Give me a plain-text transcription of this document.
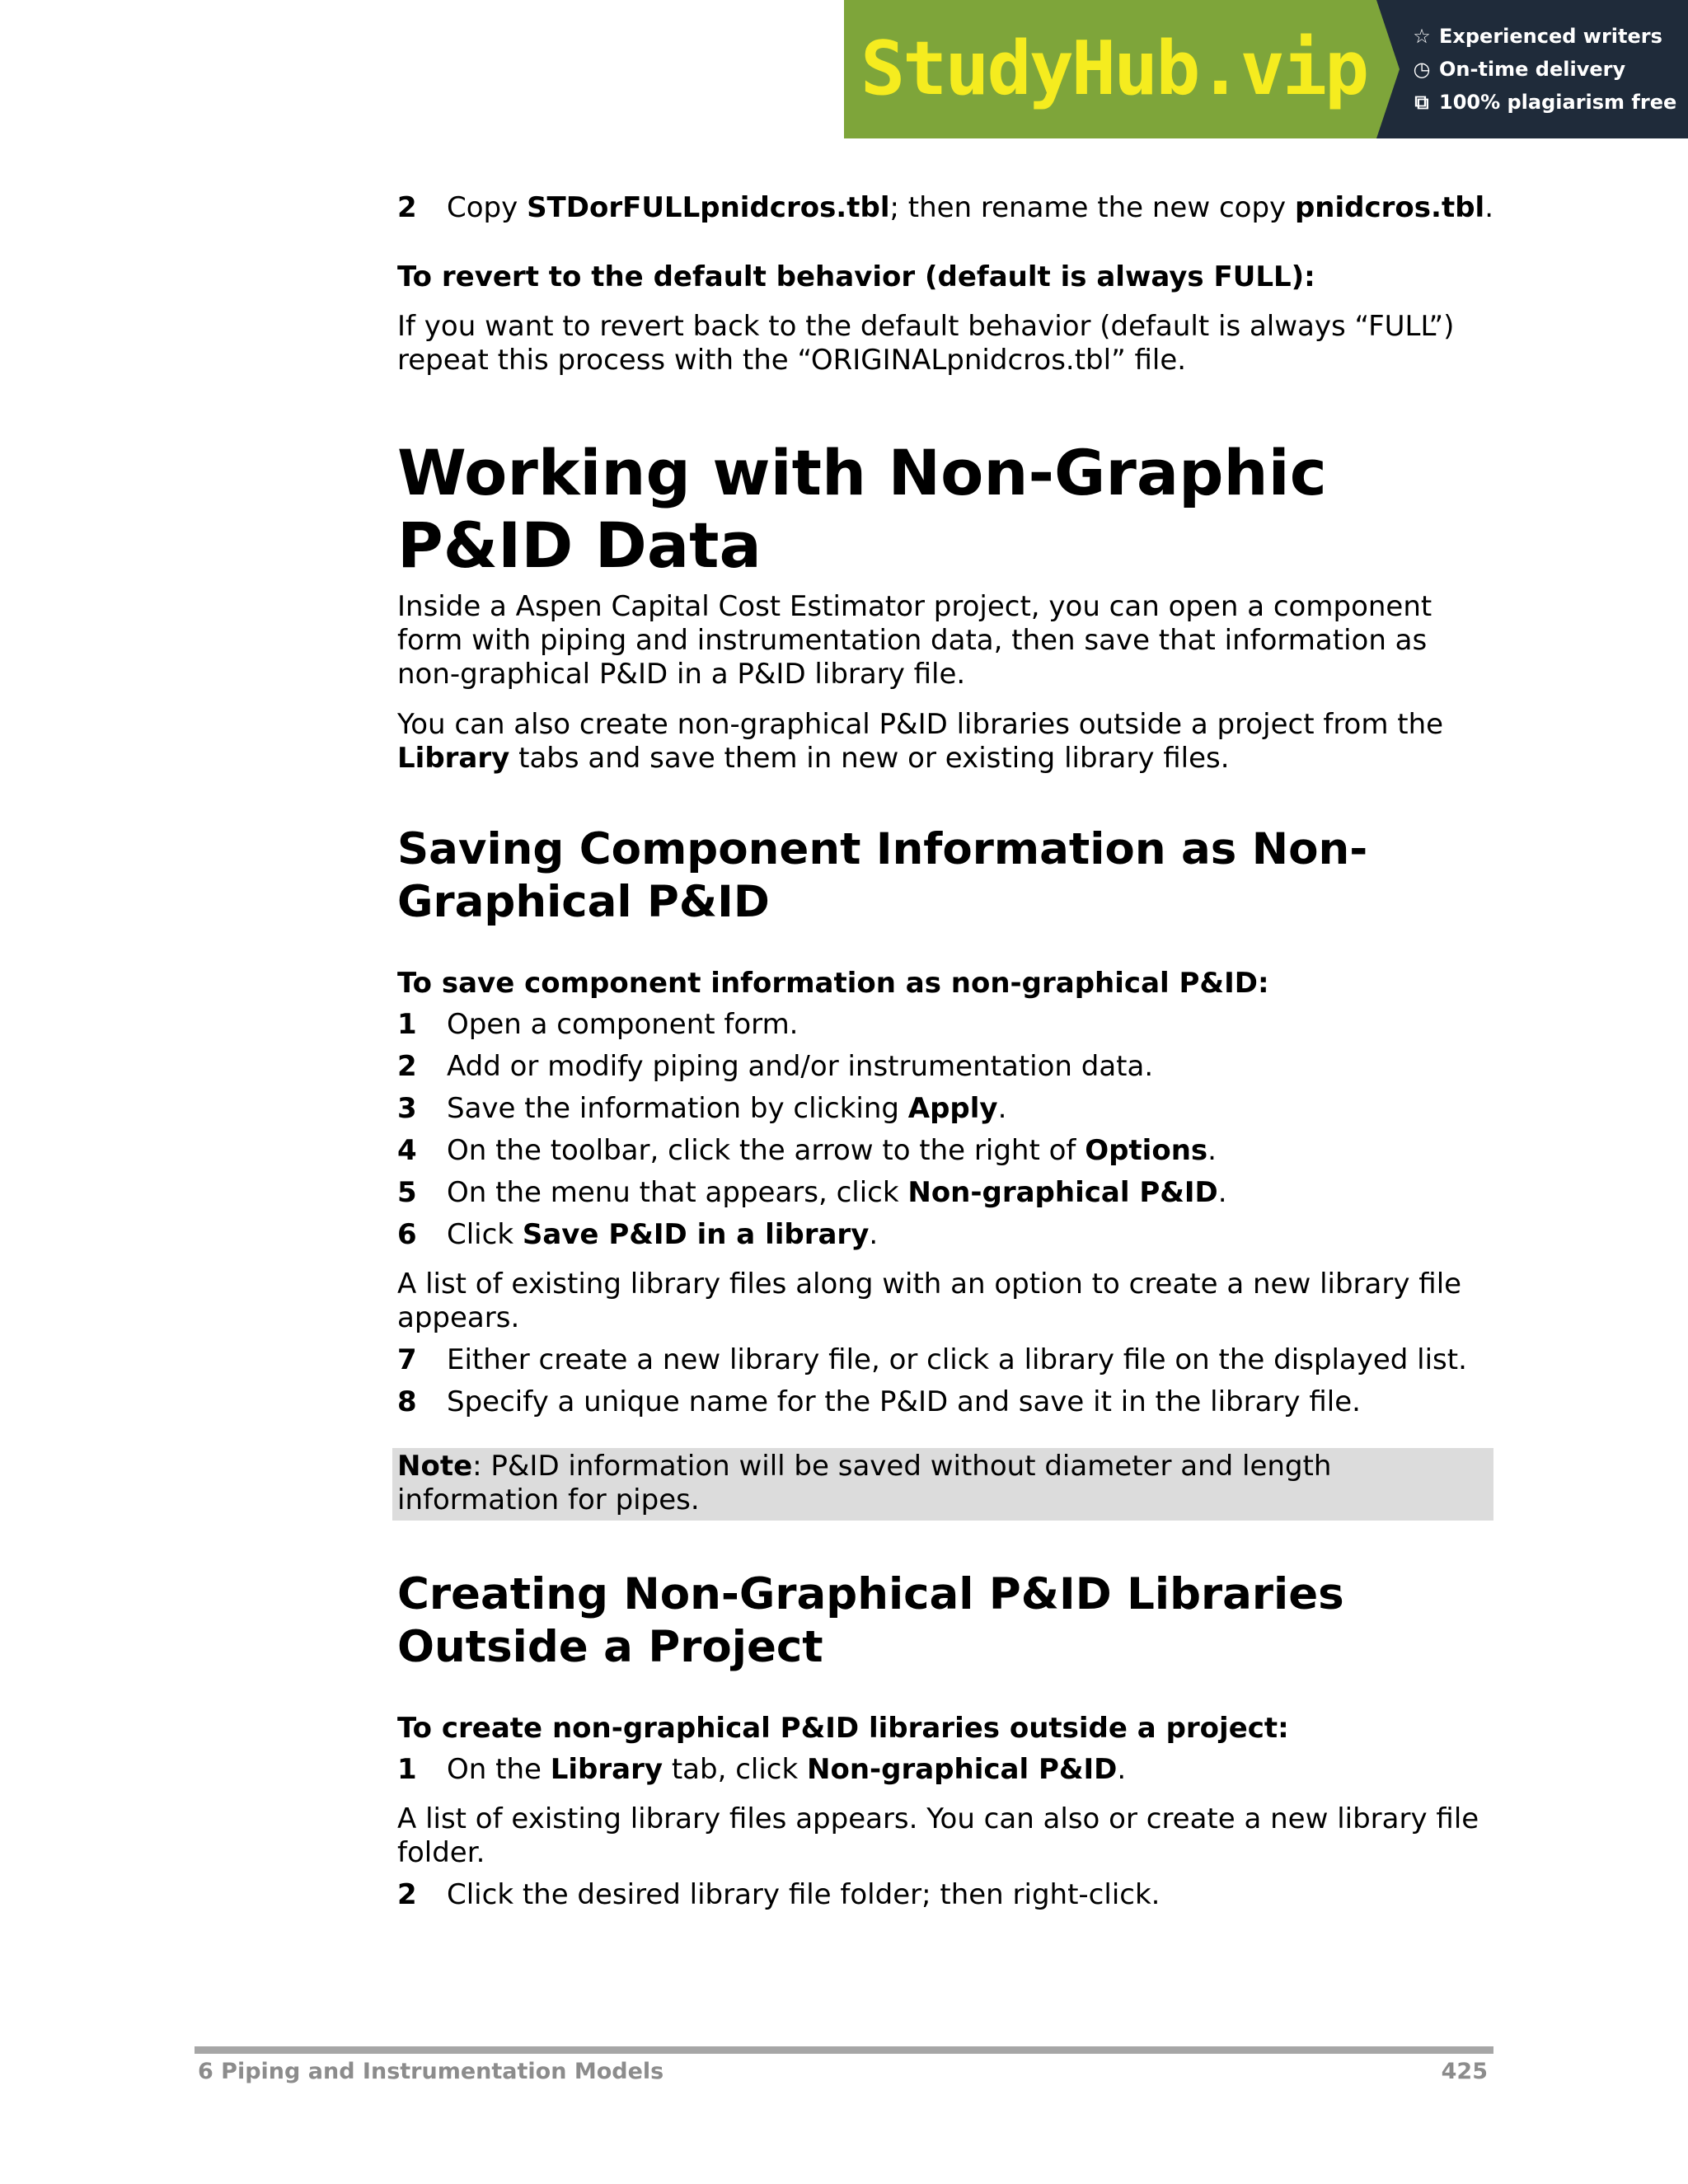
StudyHub.vip ☆ Experienced writers
◷ On-time delivery
⧉ 100% plagiarism free
2	Copy STDorFULLpnidcros.tbl; then rename the new copy pnidcros.tbl.

To revert to the default behavior (default is always FULL):

If you want to revert back to the default behavior (default is always “FULL”) repeat this process with the “ORIGINALpnidcros.tbl” file.

Working with Non-Graphic

P&ID Data

Inside a Aspen Capital Cost Estimator project, you can open a component form with piping and instrumentation data, then save that information as non-graphical P&ID in a P&ID library file.

You can also create non-graphical P&ID libraries outside a project from the Library tabs and save them in new or existing library files.

Saving Component Information as Non-

Graphical P&ID

To save component information as non-graphical P&ID:

1	Open a component form.
2	Add or modify piping and/or instrumentation data.
3	Save the information by clicking Apply.
4	On the toolbar, click the arrow to the right of Options.
5	On the menu that appears, click Non-graphical P&ID.
6	Click Save P&ID in a library.

A list of existing library files along with an option to create a new library file appears.

7	Either create a new library file, or click a library file on the displayed list.
8	Specify a unique name for the P&ID and save it in the library file.
Note: P&ID information will be saved without diameter and length information for pipes.

Creating Non-Graphical P&ID Libraries

Outside a Project

To create non-graphical P&ID libraries outside a project:

1	On the Library tab, click Non-graphical P&ID.

A list of existing library files appears. You can also or create a new library file folder.

2	Click the desired library file folder; then right-click.
6 Piping and Instrumentation Models	425
